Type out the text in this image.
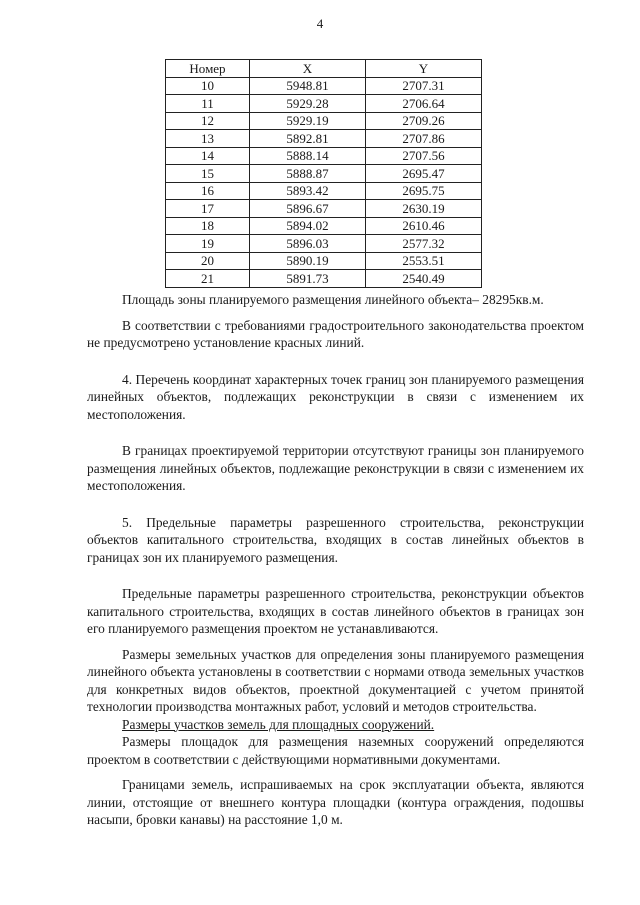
4
Номер	X	Y
10	5948.81	2707.31
11	5929.28	2706.64
12	5929.19	2709.26
13	5892.81	2707.86
14	5888.14	2707.56
15	5888.87	2695.47
16	5893.42	2695.75
17	5896.67	2630.19
18	5894.02	2610.46
19	5896.03	2577.32
20	5890.19	2553.51
21	5891.73	2540.49

Площадь зоны планируемого размещения линейного объекта– 28295кв.м.

В соответствии с требованиями градостроительного законодательства проектом не предусмотрено установление красных линий.

4. Перечень координат характерных точек границ зон планируемого размещения линейных объектов, подлежащих реконструкции в связи с изменением их местоположения.

В границах проектируемой территории отсутствуют границы зон планируемого размещения линейных объектов, подлежащие реконструкции в связи с изменением их местоположения.

5. Предельные параметры разрешенного строительства, реконструкции объектов капитального строительства, входящих в состав линейных объектов в границах зон их планируемого размещения.

Предельные параметры разрешенного строительства, реконструкции объектов капитального строительства, входящих в состав линейного объектов в границах зон его планируемого размещения проектом не устанавливаются.

Размеры земельных участков для определения зоны планируемого размещения линейного объекта установлены в соответствии с нормами отвода земельных участков для конкретных видов объектов, проектной документацией с учетом принятой технологии производства монтажных работ, условий и методов строительства.

Размеры участков земель для площадных сооружений.

Размеры площадок для размещения наземных сооружений определяются проектом в соответствии с действующими нормативными документами.

Границами земель, испрашиваемых на срок эксплуатации объекта, являются линии, отстоящие от внешнего контура площадки (контура ограждения, подошвы насыпи, бровки канавы) на расстояние 1,0 м.
